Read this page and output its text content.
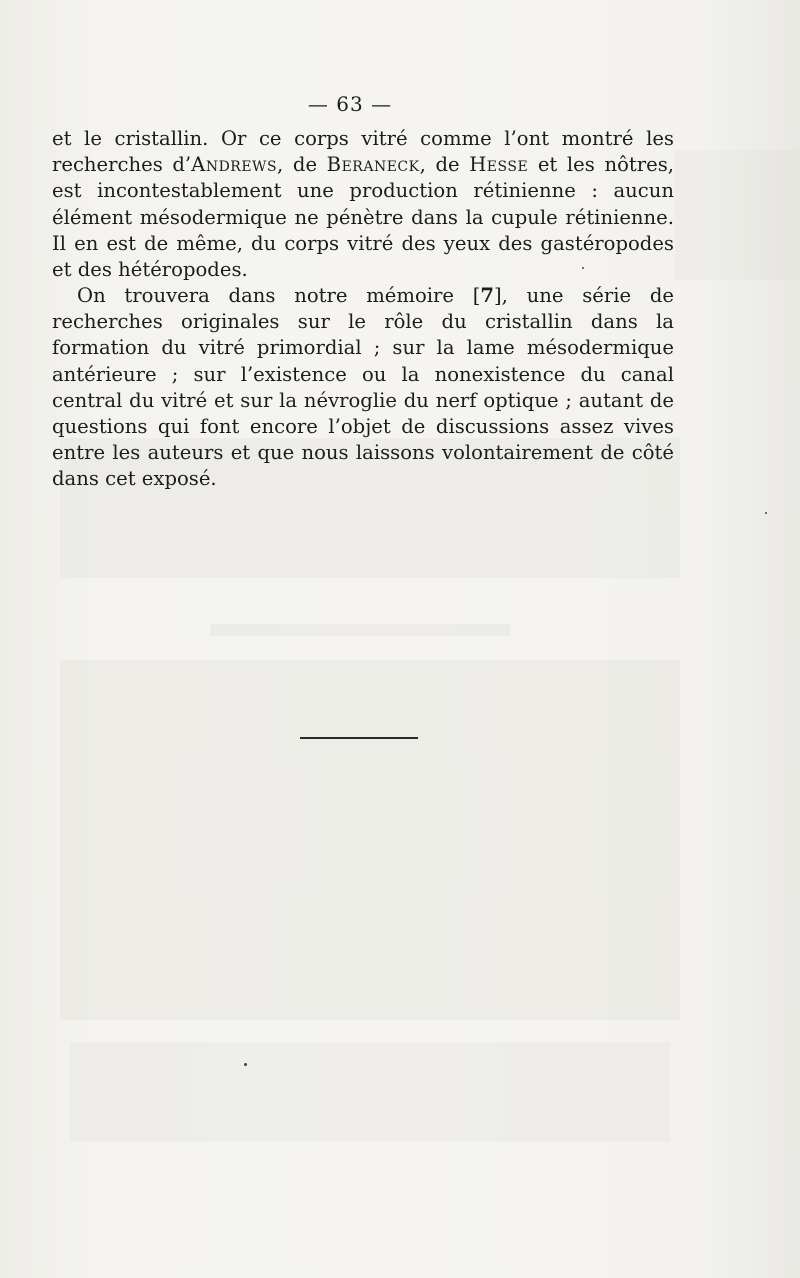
— 63 —

et le cristallin. Or ce corps vitré comme l’ont montré les recherches d’Andrews, de Beraneck, de Hesse et les nôtres, est incontestablement une production rétinienne : aucun élément mésodermique ne pénètre dans la cupule rétinienne. Il en est de même, du corps vitré des yeux des gastéropodes et des hétéropodes.

On trouvera dans notre mémoire [7], une série de recherches originales sur le rôle du cristallin dans la formation du vitré primordial ; sur la lame mésodermique antérieure ; sur l’existence ou la nonexistence du canal central du vitré et sur la névroglie du nerf optique ; autant de questions qui font encore l’objet de discussions assez vives entre les auteurs et que nous laissons volontairement de côté dans cet exposé.
